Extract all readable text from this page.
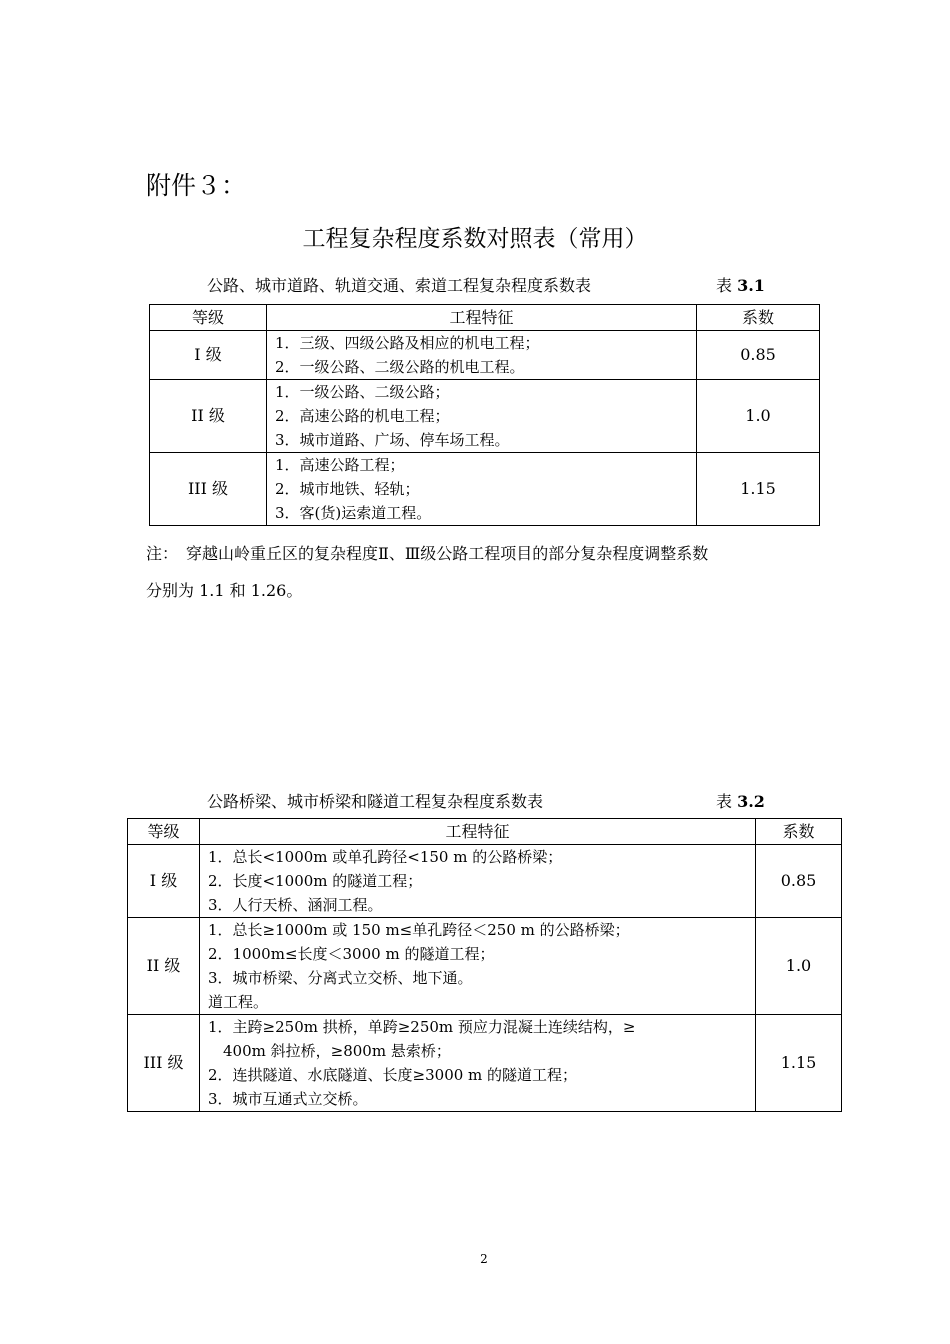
附件３：
工程复杂程度系数对照表（常用）
公路、城市道路、轨道交通、索道工程复杂程度系数表	表 3.1
等级	工程特征	系数
I 级	1．三级、四级公路及相应的机电工程；
2．一级公路、二级公路的机电工程。	0.85
II 级	1．一级公路、二级公路；
2．高速公路的机电工程；
3．城市道路、广场、停车场工程。	1.0
III 级	1．高速公路工程；
2．城市地铁、轻轨；
3．客(货)运索道工程。	1.15
注：　穿越山岭重丘区的复杂程度Ⅱ、Ⅲ级公路工程项目的部分复杂程度调整系数
分别为 1.1 和 1.26。
公路桥梁、城市桥梁和隧道工程复杂程度系数表	表 3.2
等级	工程特征	系数
I 级	1．总长<1000m 或单孔跨径<150 m 的公路桥梁；
2．长度<1000m 的隧道工程；
3．人行天桥、涵洞工程。	0.85
II 级	1．总长≥1000m 或 150 m≤单孔跨径＜250 m 的公路桥梁；
2．1000m≤长度＜3000 m 的隧道工程；
3．城市桥梁、分离式立交桥、地下通。
道工程。	1.0
III 级	1．主跨≥250m 拱桥，单跨≥250m 预应力混凝土连续结构，≥
　400m 斜拉桥，≥800m 悬索桥；
2．连拱隧道、水底隧道、长度≥3000 m 的隧道工程；
3．城市互通式立交桥。	1.15
2
